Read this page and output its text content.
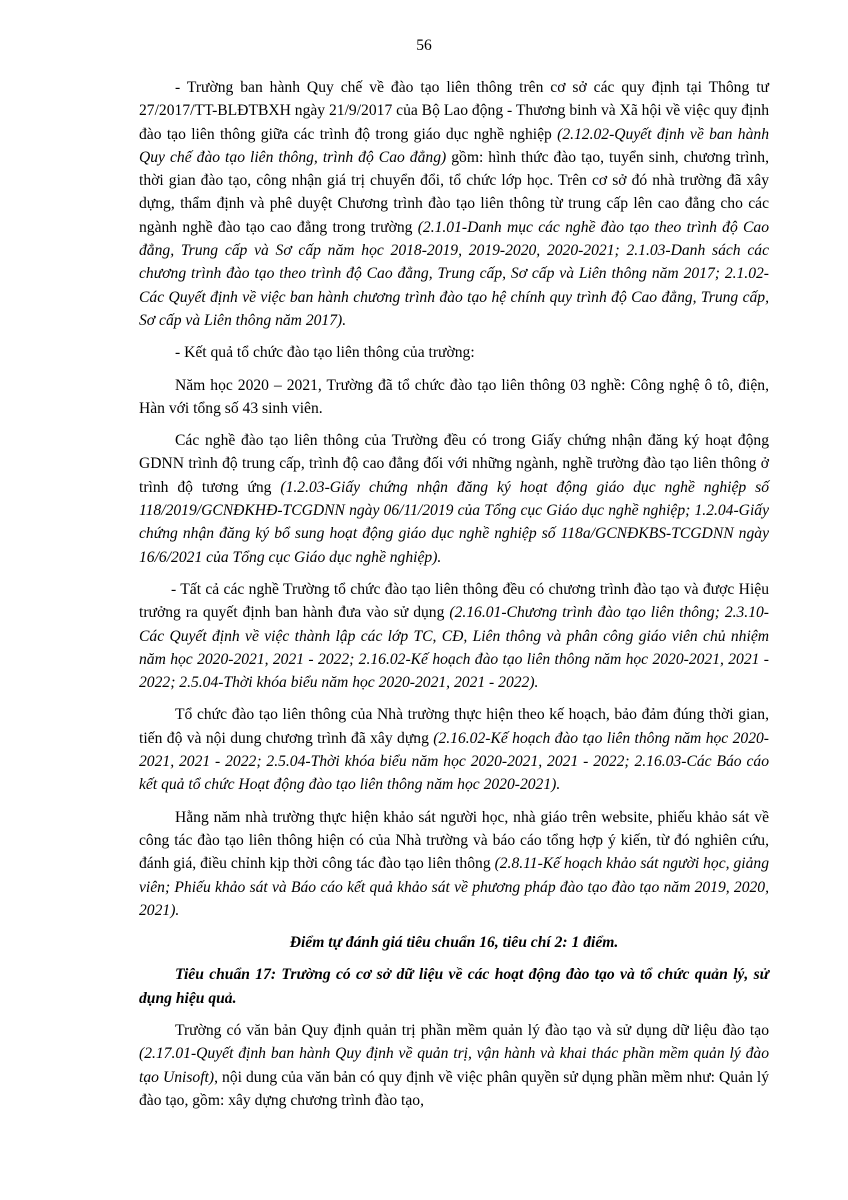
56

- Trường ban hành Quy chế về đào tạo liên thông trên cơ sở các quy định tại Thông tư 27/2017/TT-BLĐTBXH ngày 21/9/2017 của Bộ Lao động - Thương binh và Xã hội về việc quy định đào tạo liên thông giữa các trình độ trong giáo dục nghề nghiệp (2.12.02-Quyết định về ban hành Quy chế đào tạo liên thông, trình độ Cao đẳng) gồm: hình thức đào tạo, tuyển sinh, chương trình, thời gian đào tạo, công nhận giá trị chuyển đổi, tổ chức lớp học. Trên cơ sở đó nhà trường đã xây dựng, thẩm định và phê duyệt Chương trình đào tạo liên thông từ trung cấp lên cao đẳng cho các ngành nghề đào tạo cao đẳng trong trường (2.1.01-Danh mục các nghề đào tạo theo trình độ Cao đẳng, Trung cấp và Sơ cấp năm học 2018-2019, 2019-2020, 2020-2021; 2.1.03-Danh sách các chương trình đào tạo theo trình độ Cao đẳng, Trung cấp, Sơ cấp và Liên thông năm 2017; 2.1.02-Các Quyết định về việc ban hành chương trình đào tạo hệ chính quy trình độ Cao đẳng, Trung cấp, Sơ cấp và Liên thông năm 2017).

- Kết quả tổ chức đào tạo liên thông của trường:

Năm học 2020 – 2021, Trường đã tổ chức đào tạo liên thông 03 nghề: Công nghệ ô tô, điện, Hàn với tổng số 43 sinh viên.

Các nghề đào tạo liên thông của Trường đều có trong Giấy chứng nhận đăng ký hoạt động GDNN trình độ trung cấp, trình độ cao đẳng đối với những ngành, nghề trường đào tạo liên thông ở trình độ tương ứng (1.2.03-Giấy chứng nhận đăng ký hoạt động giáo dục nghề nghiệp số 118/2019/GCNĐKHĐ-TCGDNN ngày 06/11/2019 của Tổng cục Giáo dục nghề nghiệp; 1.2.04-Giấy chứng nhận đăng ký bổ sung hoạt động giáo dục nghề nghiệp số 118a/GCNĐKBS-TCGDNN ngày 16/6/2021 của Tổng cục Giáo dục nghề nghiệp).

- Tất cả các nghề Trường tổ chức đào tạo liên thông đều có chương trình đào tạo và được Hiệu trưởng ra quyết định ban hành đưa vào sử dụng (2.16.01-Chương trình đào tạo liên thông; 2.3.10-Các Quyết định về việc thành lập các lớp TC, CĐ, Liên thông và phân công giáo viên chủ nhiệm năm học 2020-2021, 2021 - 2022; 2.16.02-Kế hoạch đào tạo liên thông năm học 2020-2021, 2021 - 2022; 2.5.04-Thời khóa biểu năm học 2020-2021, 2021 - 2022).

Tổ chức đào tạo liên thông của Nhà trường thực hiện theo kế hoạch, bảo đảm đúng thời gian, tiến độ và nội dung chương trình đã xây dựng (2.16.02-Kế hoạch đào tạo liên thông năm học 2020-2021, 2021 - 2022; 2.5.04-Thời khóa biểu năm học 2020-2021, 2021 - 2022; 2.16.03-Các Báo cáo kết quả tổ chức Hoạt động đào tạo liên thông năm học 2020-2021).

Hằng năm nhà trường thực hiện khảo sát người học, nhà giáo trên website, phiếu khảo sát về công tác đào tạo liên thông hiện có của Nhà trường và báo cáo tổng hợp ý kiến, từ đó nghiên cứu, đánh giá, điều chỉnh kịp thời công tác đào tạo liên thông (2.8.11-Kế hoạch khảo sát người học, giảng viên; Phiếu khảo sát và Báo cáo kết quả khảo sát về phương pháp đào tạo đào tạo năm 2019, 2020, 2021).

Điểm tự đánh giá tiêu chuẩn 16, tiêu chí 2: 1 điểm.

Tiêu chuẩn 17: Trường có cơ sở dữ liệu về các hoạt động đào tạo và tổ chức quản lý, sử dụng hiệu quả.

Trường có văn bản Quy định quản trị phần mềm quản lý đào tạo và sử dụng dữ liệu đào tạo (2.17.01-Quyết định ban hành Quy định về quản trị, vận hành và khai thác phần mềm quản lý đào tạo Unisoft), nội dung của văn bản có quy định về việc phân quyền sử dụng phần mềm như: Quản lý đào tạo, gồm: xây dựng chương trình đào tạo,
